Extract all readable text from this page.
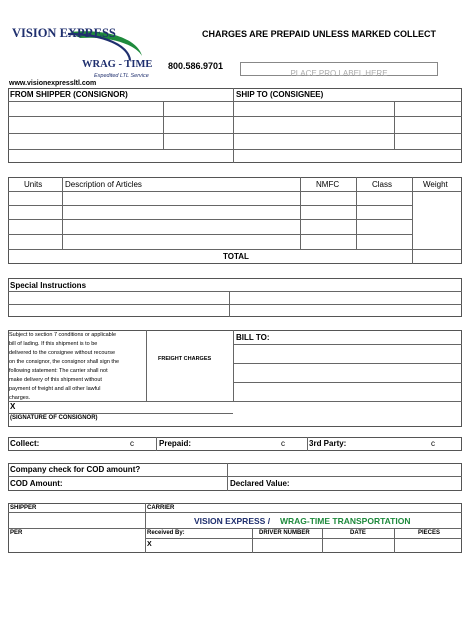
VISION EXPRESS
WRAG - TIME
Expedited LTL Service
www.visionexpressltl.com
CHARGES ARE PREPAID UNLESS MARKED COLLECT
800.586.9701
PLACE PRO LABEL HERE
FROM SHIPPER (CONSIGNOR)	SHIP TO (CONSIGNEE)
Units	Description of Articles	NMFC	Class	Weight
TOTAL
Special Instructions
Subject to section 7 conditions or applicable
bill of lading. If this shipment is to be
delivered to the consignee without recourse
on the consignor, the consignor shall sign the
following statement: The carrier shall not
make delivery of this shipment without
payment of freight and all other lawful
charges.
FREIGHT CHARGES
BILL TO:
X
(SIGNATURE OF CONSIGNOR)
Collect:	c	Prepaid:	c	3rd Party:	c
Company check for COD amount?
COD Amount:	Declared Value:
SHIPPER	CARRIER
VISION EXPRESS / WRAG-TIME TRANSPORTATION
PER	Received By:	DRIVER NUMBER	DATE	PIECES
X
